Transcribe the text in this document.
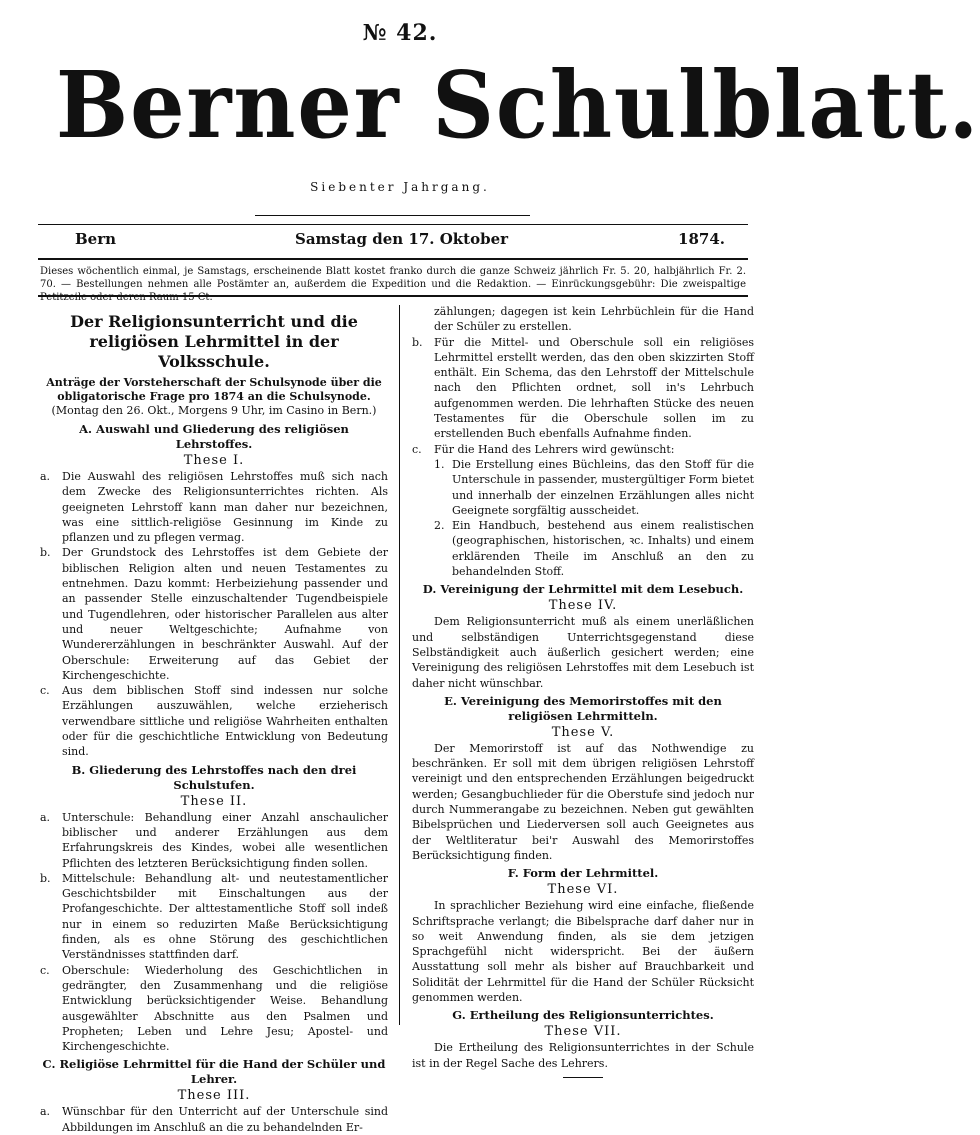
№ 42.
Berner Schulblatt.
Siebenter Jahrgang.
Bern	Samstag den 17. Oktober	1874.
Dieses wöchentlich einmal, je Samstags, erscheinende Blatt kostet franko durch die ganze Schweiz jährlich Fr. 5. 20, halbjährlich Fr. 2. 70. — Bestellungen nehmen alle Postämter an, außerdem die Expedition und die Redaktion. — Einrückungsgebühr: Die zweispaltige Petitzeile oder deren Raum 15 Ct.
Der Religionsunterricht und die religiösen Lehrmittel in der Volksschule.
Anträge der Vorsteherschaft der Schulsynode über die obligatorische Frage pro 1874 an die Schulsynode.
(Montag den 26. Okt., Morgens 9 Uhr, im Casino in Bern.)
A. Auswahl und Gliederung des religiösen Lehrstoffes.
These I.
a.	Die Auswahl des religiösen Lehrstoffes muß sich nach dem Zwecke des Religionsunterrichtes richten. Als geeigneten Lehrstoff kann man daher nur bezeichnen, was eine sittlich-religiöse Gesinnung im Kinde zu pflanzen und zu pflegen vermag.
b.	Der Grundstock des Lehrstoffes ist dem Gebiete der biblischen Religion alten und neuen Testamentes zu entnehmen. Dazu kommt: Herbeiziehung passender und an passender Stelle einzuschaltender Tugendbeispiele und Tugendlehren, oder historischer Parallelen aus alter und neuer Weltgeschichte; Aufnahme von Wundererzählungen in beschränkter Auswahl. Auf der Oberschule: Erweiterung auf das Gebiet der Kirchengeschichte.
c.	Aus dem biblischen Stoff sind indessen nur solche Erzählungen auszuwählen, welche erzieherisch verwendbare sittliche und religiöse Wahrheiten enthalten oder für die geschichtliche Entwicklung von Bedeutung sind.
B. Gliederung des Lehrstoffes nach den drei Schulstufen.
These II.
a.	Unterschule: Behandlung einer Anzahl anschaulicher biblischer und anderer Erzählungen aus dem Erfahrungskreis des Kindes, wobei alle wesentlichen Pflichten des letzteren Berücksichtigung finden sollen.
b.	Mittelschule: Behandlung alt- und neutestamentlicher Geschichtsbilder mit Einschaltungen aus der Profangeschichte. Der alttestamentliche Stoff soll indeß nur in einem so reduzirten Maße Berücksichtigung finden, als es ohne Störung des geschichtlichen Verständnisses stattfinden darf.
c.	Oberschule: Wiederholung des Geschichtlichen in gedrängter, den Zusammenhang und die religiöse Entwicklung berücksichtigender Weise. Behandlung ausgewählter Abschnitte aus den Psalmen und Propheten; Leben und Lehre Jesu; Apostel- und Kirchengeschichte.
C. Religiöse Lehrmittel für die Hand der Schüler und Lehrer.
These III.
a.	Wünschbar für den Unterricht auf der Unterschule sind Abbildungen im Anschluß an die zu behandelnden Er-
zählungen; dagegen ist kein Lehrbüchlein für die Hand der Schüler zu erstellen.
b.	Für die Mittel- und Oberschule soll ein religiöses Lehrmittel erstellt werden, das den oben skizzirten Stoff enthält. Ein Schema, das den Lehrstoff der Mittelschule nach den Pflichten ordnet, soll in's Lehrbuch aufgenommen werden. Die lehrhaften Stücke des neuen Testamentes für die Oberschule sollen im zu erstellenden Buch ebenfalls Aufnahme finden.
c.	Für die Hand des Lehrers wird gewünscht:
1. Die Erstellung eines Büchleins, das den Stoff für die Unterschule in passender, mustergültiger Form bietet und innerhalb der einzelnen Erzählungen alles nicht Geeignete sorgfältig ausscheidet.
2. Ein Handbuch, bestehend aus einem realistischen (geographischen, historischen, ꝛc. Inhalts) und einem erklärenden Theile im Anschluß an den zu behandelnden Stoff.
D. Vereinigung der Lehrmittel mit dem Lesebuch.
These IV.
Dem Religionsunterricht muß als einem unerläßlichen und selbständigen Unterrichtsgegenstand diese Selbständigkeit auch äußerlich gesichert werden; eine Vereinigung des religiösen Lehrstoffes mit dem Lesebuch ist daher nicht wünschbar.
E. Vereinigung des Memorirstoffes mit den religiösen Lehrmitteln.
These V.
Der Memorirstoff ist auf das Nothwendige zu beschränken. Er soll mit dem übrigen religiösen Lehrstoff vereinigt und den entsprechenden Erzählungen beigedruckt werden; Gesangbuchlieder für die Oberstufe sind jedoch nur durch Nummerangabe zu bezeichnen. Neben gut gewählten Bibelsprüchen und Liederversen soll auch Geeignetes aus der Weltliteratur bei'r Auswahl des Memorirstoffes Berücksichtigung finden.
F. Form der Lehrmittel.
These VI.
In sprachlicher Beziehung wird eine einfache, fließende Schriftsprache verlangt; die Bibelsprache darf daher nur in so weit Anwendung finden, als sie dem jetzigen Sprachgefühl nicht widerspricht. Bei der äußern Ausstattung soll mehr als bisher auf Brauchbarkeit und Solidität der Lehrmittel für die Hand der Schüler Rücksicht genommen werden.
G. Ertheilung des Religionsunterrichtes.
These VII.
Die Ertheilung des Religionsunterrichtes in der Schule ist in der Regel Sache des Lehrers.
